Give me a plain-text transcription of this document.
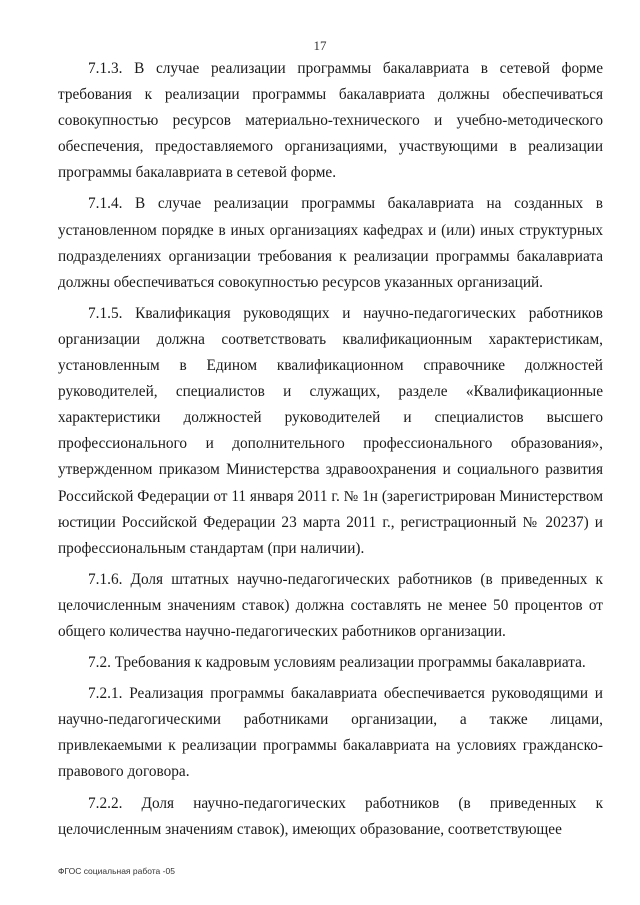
17

7.1.3. В случае реализации программы бакалавриата в сетевой форме требования к реализации программы бакалавриата должны обеспечиваться совокупностью ресурсов материально-технического и учебно-методического обеспечения, предоставляемого организациями, участвующими в реализации программы бакалавриата в сетевой форме.

7.1.4. В случае реализации программы бакалавриата на созданных в установленном порядке в иных организациях кафедрах и (или) иных структурных подразделениях организации требования к реализации программы бакалавриата должны обеспечиваться совокупностью ресурсов указанных организаций.

7.1.5. Квалификация руководящих и научно-педагогических работников организации должна соответствовать квалификационным характеристикам, установленным в Едином квалификационном справочнике должностей руководителей, специалистов и служащих, разделе «Квалификационные характеристики должностей руководителей и специалистов высшего профессионального и дополнительного профессионального образования», утвержденном приказом Министерства здравоохранения и социального развития Российской Федерации от 11 января 2011 г. № 1н (зарегистрирован Министерством юстиции Российской Федерации 23 марта 2011 г., регистрационный № 20237) и профессиональным стандартам (при наличии).

7.1.6. Доля штатных научно-педагогических работников (в приведенных к целочисленным значениям ставок) должна составлять не менее 50 процентов от общего количества научно-педагогических работников организации.

7.2. Требования к кадровым условиям реализации программы бакалавриата.

7.2.1. Реализация программы бакалавриата обеспечивается руководящими и научно-педагогическими работниками организации, а также лицами, привлекаемыми к реализации программы бакалавриата на условиях гражданско-правового договора.

7.2.2. Доля научно-педагогических работников (в приведенных к целочисленным значениям ставок), имеющих образование, соответствующее

ФГОС социальная работа -05
